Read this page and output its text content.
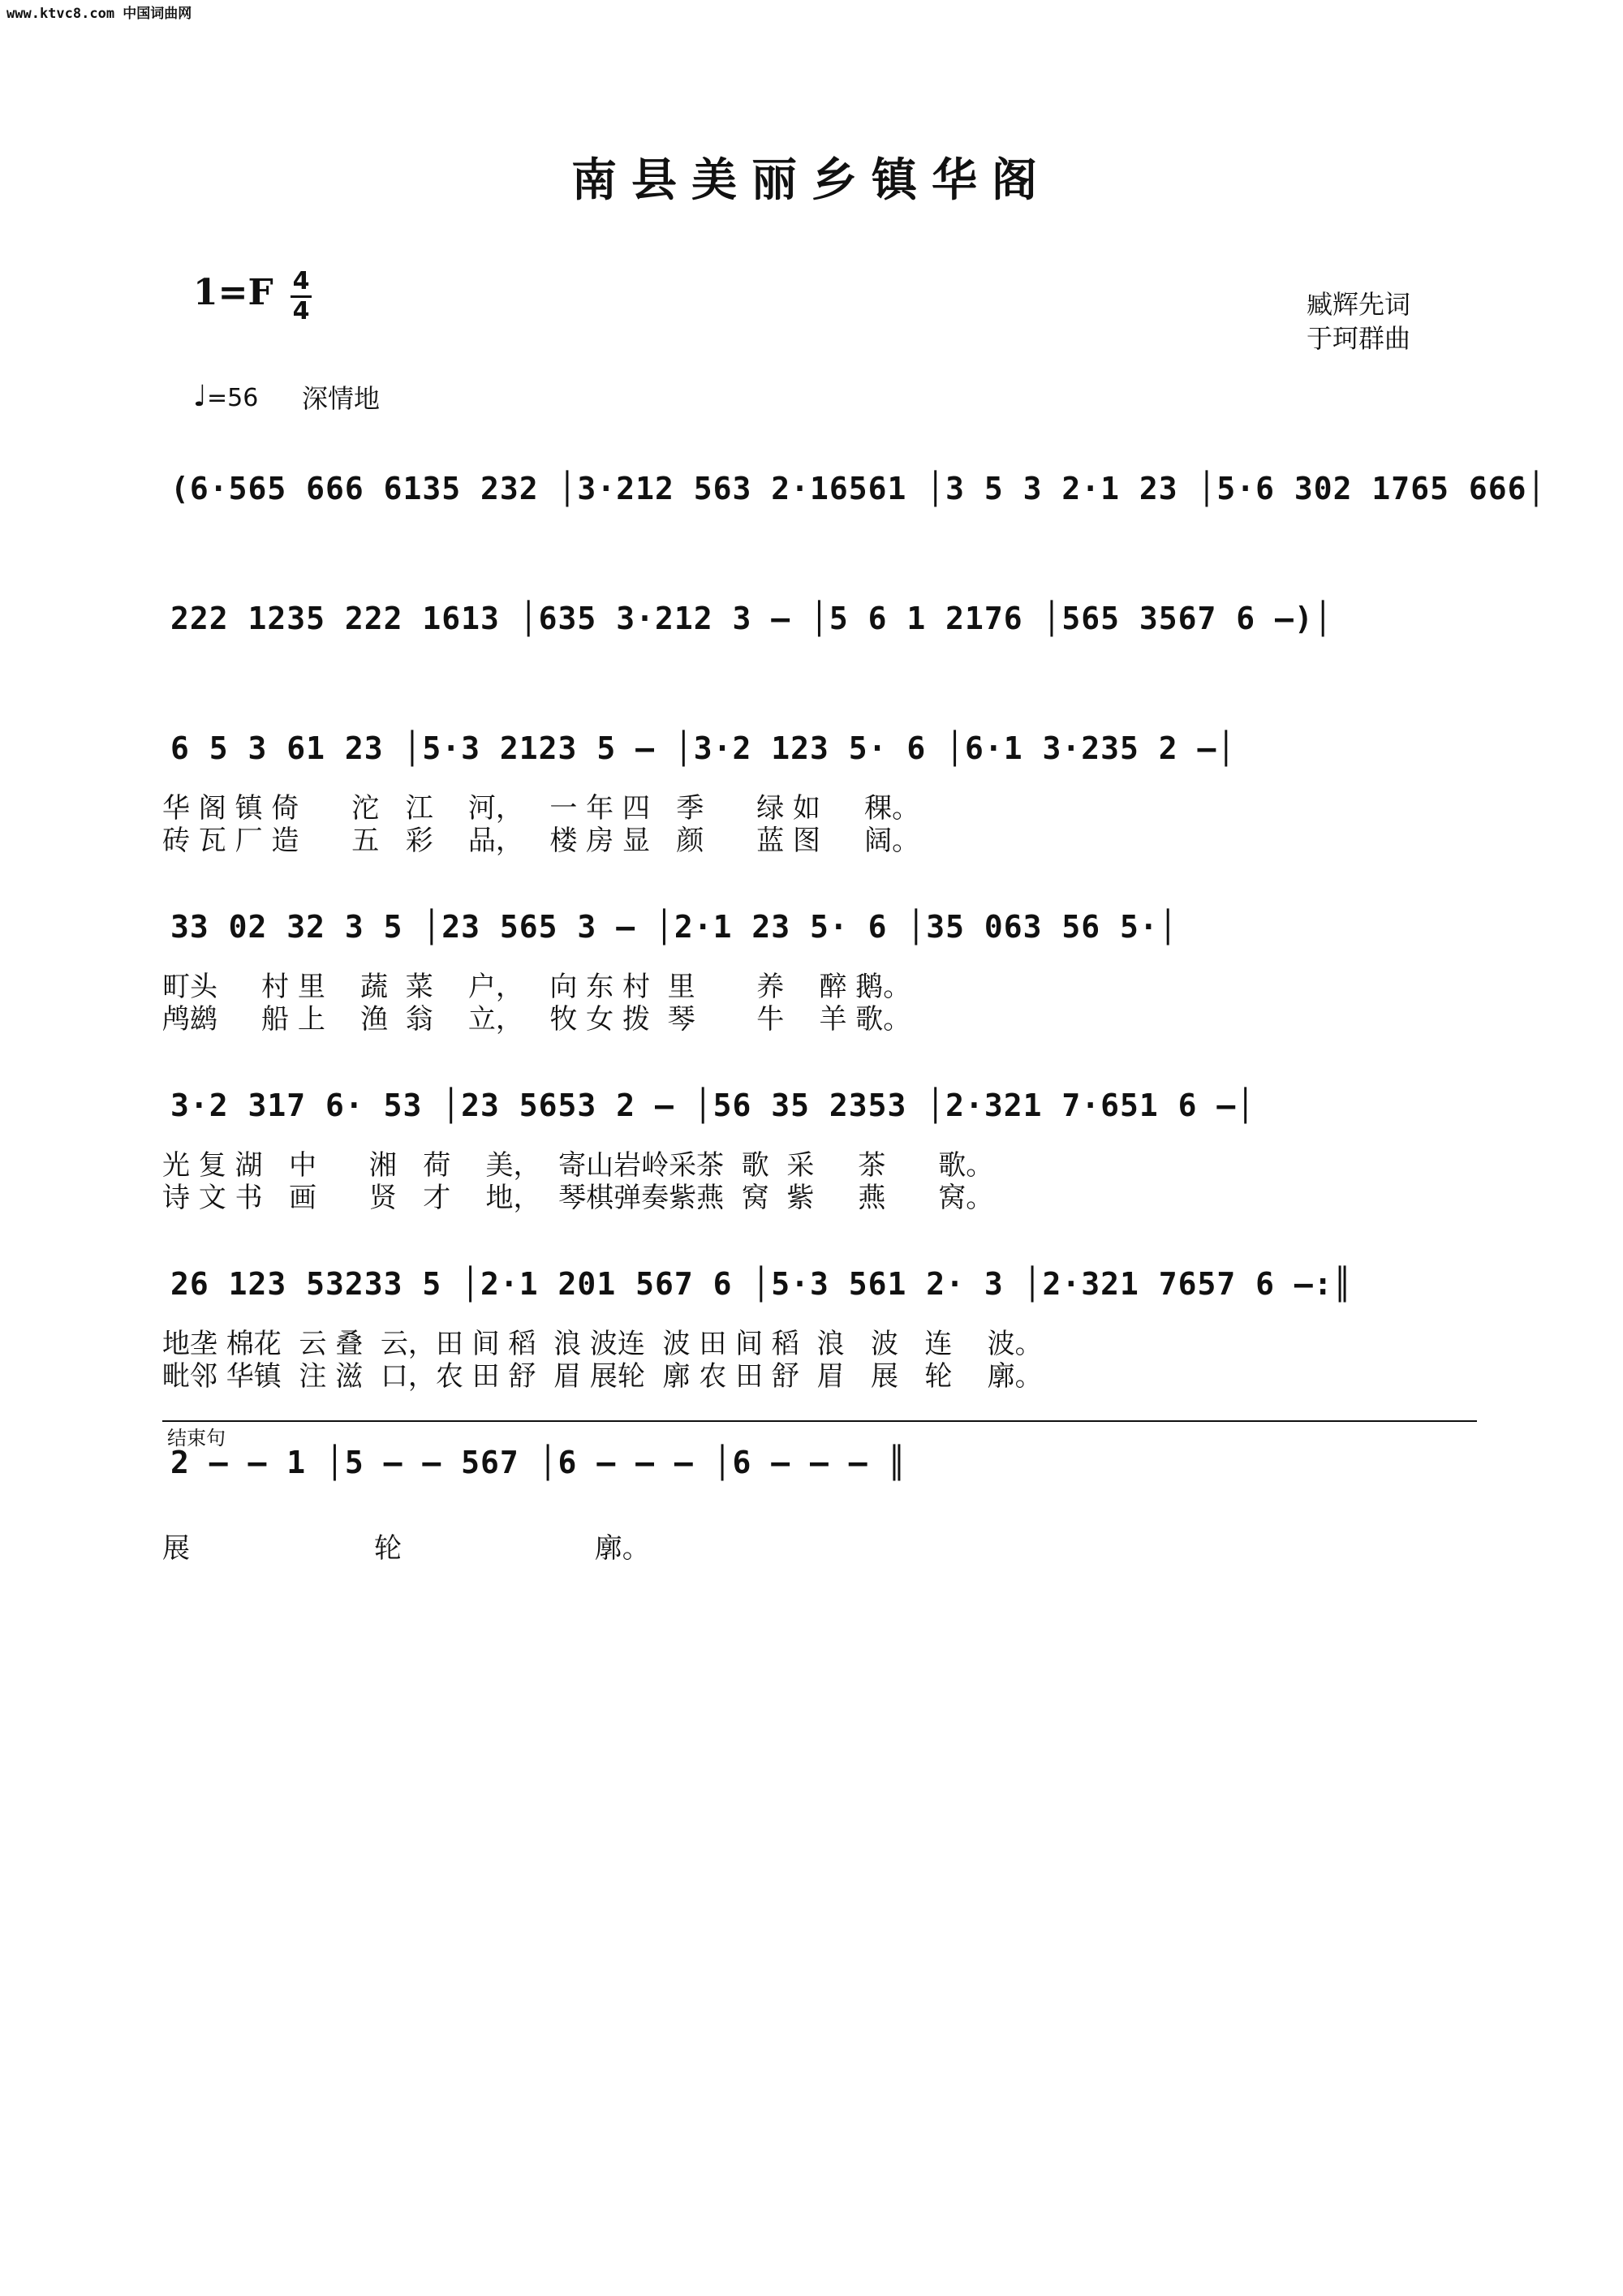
www.ktvc8.com 中国词曲网
南县美丽乡镇华阁
1=F 4
4	臧辉先词
于珂群曲
♩=56 深情地
(6·565 666 6135 232 │3·212 563 2·16561 │3 5 3 2·1 23 │5·6 302 1765 666│
222 1235 222 1613 │635 3·212 3 – │5 6 1 2176 │565 3567 6 –)│
6 5 3 61 23 │5·3 2123 5 – │3·2 123 5· 6 │6·1 3·235 2 –│
华 阁 镇 倚      沱   江    河，   一 年 四   季      绿 如     稞。
砖 瓦 厂 造      五   彩    品，   楼 房 显   颜      蓝 图     阔。
33 02 32 3 5 │23 565 3 – │2·1 23 5· 6 │35 063 56 5·│
町头     村 里    蔬  菜    户，   向 东 村  里       养    醉 鹅。
鸬鹚     船 上    渔  翁    立，   牧 女 拨  琴       牛    羊 歌。
3·2 317 6· 53 │23 5653 2 – │56 35 2353 │2·321 7·651 6 –│
光 复 湖   中      湘   荷    美，  寄山岩岭采茶  歌  采     茶      歌。
诗 文 书   画      贤   才    地，  琴棋弹奏紫燕  窝  紫     燕      窝。
26 123 53233 5 │2·1 201 567 6 │5·3 561 2· 3 │2·321 7657 6 –:║
地垄 棉花  云 叠  云，田 间 稻  浪 波连  波 田 间 稻  浪   波   连    波。
毗邻 华镇  注 滋  口，农 田 舒  眉 展轮  廓 农 田 舒  眉   展   轮    廓。
结束句
2 – – 1 │5 – – 567 │6 – – – │6 – – – ║
展                     轮                      廓。
